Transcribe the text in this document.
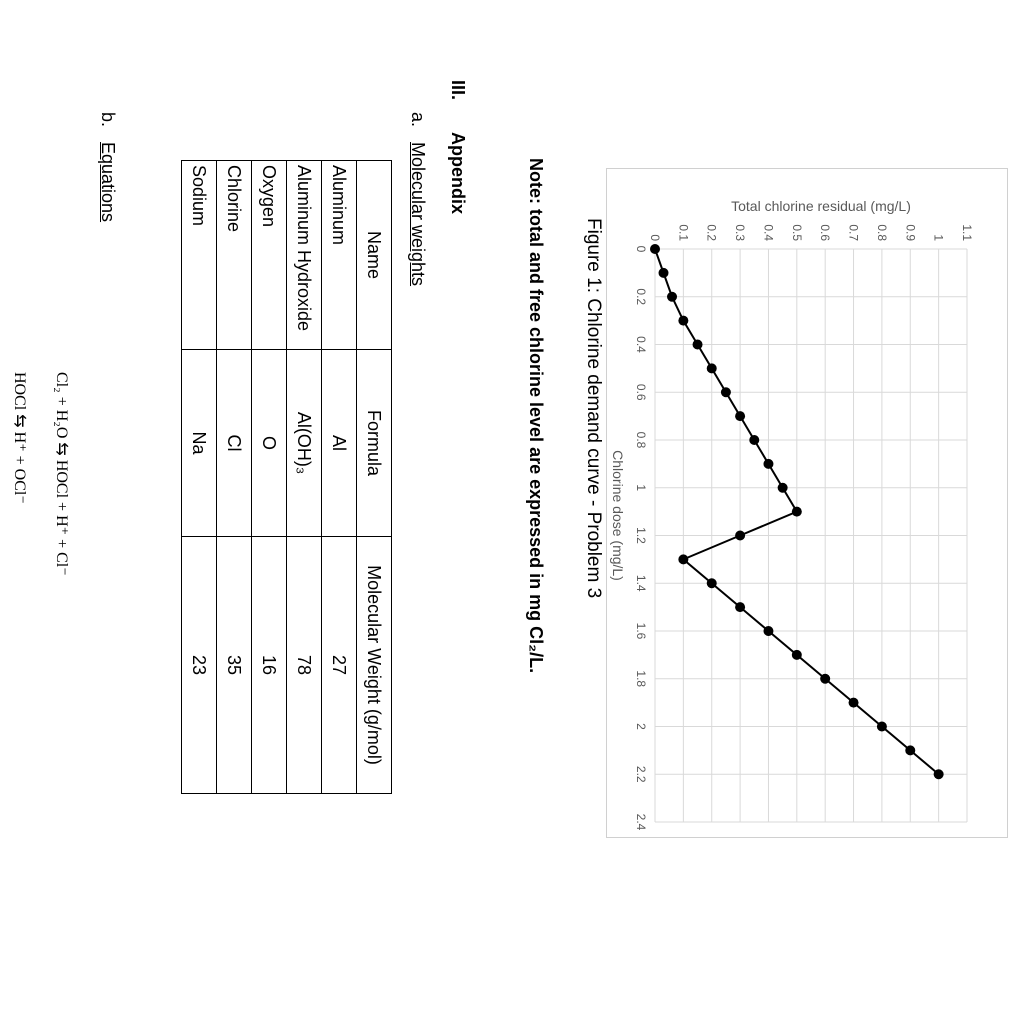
0
0.2
0.4
0.6
0.8
1
1.2
1.4
1.6
1.8
2
2.2
2.4
0 0.1 0.2 0.3 0.4 0.5 0.6 0.7 0.8 0.9 1 1.1
Chlorine dose (mg/L)
Total chlorine residual (mg/L)
Figure 1: Chlorine demand curve - Problem 3
Note: total and free chlorine level are expressed in mg Cl₂/L.
III.
Appendix
a.
Molecular weights
Name	Formula	Molecular Weight (g/mol)
Aluminum	Al	27
Aluminum Hydroxide	Al(OH)₃	78
Oxygen	O	16
Chlorine	Cl	35
Sodium	Na	23
b.
Equations
Cl₂ + H₂O ⇆ HOCl + H⁺ + Cl⁻
HOCl ⇆ H⁺ + OCl⁻
